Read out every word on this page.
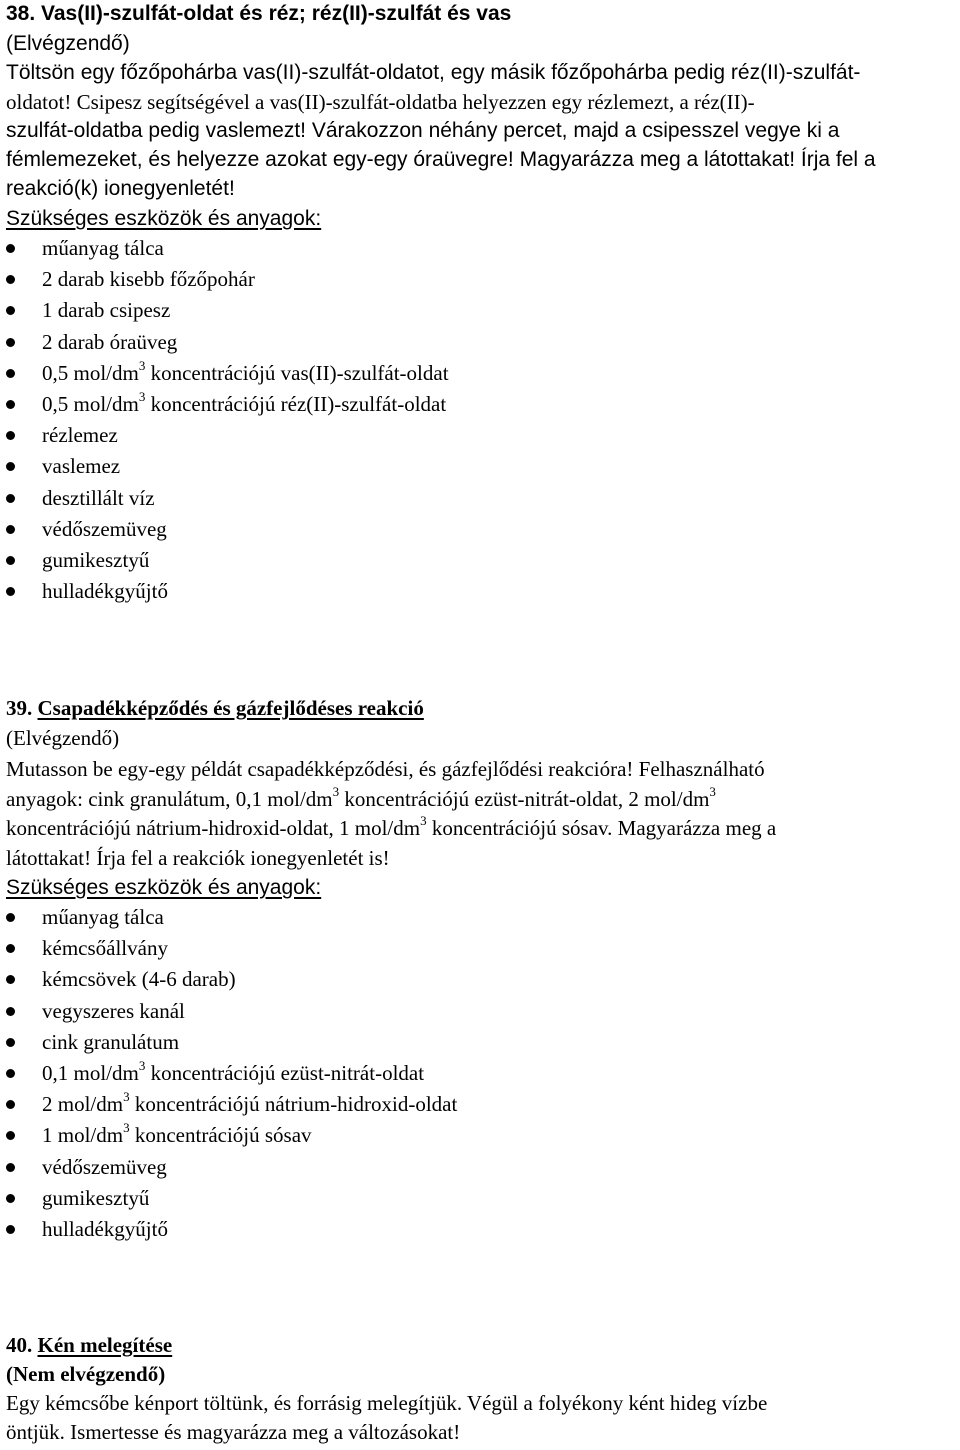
38. Vas(II)-szulfát-oldat és réz; réz(II)-szulfát és vas
(Elvégzendő)
Töltsön egy főzőpohárba vas(II)-szulfát-oldatot, egy másik főzőpohárba pedig réz(II)-szulfát-
oldatot! Csipesz segítségével a vas(II)-szulfát-oldatba helyezzen egy rézlemezt, a réz(II)-
szulfát-oldatba pedig vaslemezt! Várakozzon néhány percet, majd a csipesszel vegye ki a
fémlemezeket, és helyezze azokat egy-egy óraüvegre! Magyarázza meg a látottakat! Írja fel a
reakció(k) ionegyenletét!
Szükséges eszközök és anyagok:
műanyag tálca
2 darab kisebb főzőpohár
1 darab csipesz
2 darab óraüveg
0,5 mol/$dm^3$ koncentrációjú vas(II)-szulfát-oldat
0,5 mol/$dm^3$ koncentrációjú réz(II)-szulfát-oldat
rézlemez
vaslemez
desztillált víz
védőszemüveg
gumikesztyű
hulladékgyűjtő
39. Csapadékképződés és gázfejlődéses reakció
(Elvégzendő)
Mutasson be egy-egy példát csapadékképződési, és gázfejlődési reakcióra! Felhasználható
anyagok: cink granulátum, 0,1 mol/$dm^3$ koncentrációjú ezüst-nitrát-oldat, 2 mol/$dm^3$
koncentrációjú nátrium-hidroxid-oldat, 1 mol/$dm^3$ koncentrációjú sósav. Magyarázza meg a
látottakat! Írja fel a reakciók ionegyenletét is!
Szükséges eszközök és anyagok:
műanyag tálca
kémcsőállvány
kémcsövek (4-6 darab)
vegyszeres kanál
cink granulátum
0,1 mol/$dm^3$ koncentrációjú ezüst-nitrát-oldat
2 mol/$dm^3$ koncentrációjú nátrium-hidroxid-oldat
1 mol/$dm^3$ koncentrációjú sósav
védőszemüveg
gumikesztyű
hulladékgyűjtő
40. Kén melegítése
(Nem elvégzendő)
Egy kémcsőbe kénport töltünk, és forrásig melegítjük. Végül a folyékony ként hideg vízbe
öntjük. Ismertesse és magyarázza meg a változásokat!
